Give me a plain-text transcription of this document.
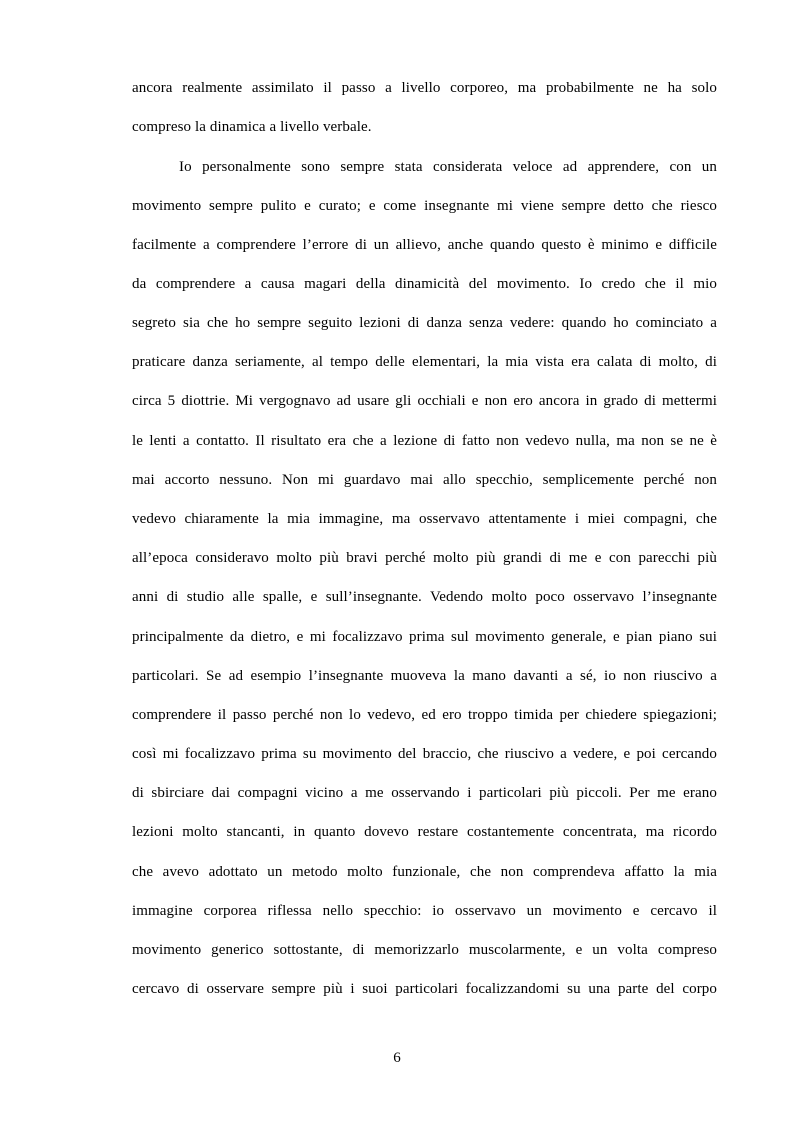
ancora realmente assimilato il passo a livello corporeo, ma probabilmente ne ha solo
compreso la dinamica a livello verbale.
Io personalmente sono sempre stata considerata veloce ad apprendere, con un
movimento sempre pulito e curato; e come insegnante mi viene sempre detto che riesco
facilmente a comprendere l’errore di un allievo, anche quando questo è minimo e difficile
da comprendere a causa magari della dinamicità del movimento. Io credo che il mio
segreto sia che ho sempre seguito lezioni di danza senza vedere: quando ho cominciato a
praticare danza seriamente, al tempo delle elementari, la mia vista era calata di molto, di
circa 5 diottrie. Mi vergognavo ad usare gli occhiali e non ero ancora in grado di mettermi
le lenti a contatto. Il risultato era che a lezione di fatto non vedevo nulla, ma non se ne è
mai accorto nessuno. Non mi guardavo mai allo specchio, semplicemente perché non
vedevo chiaramente la mia immagine, ma osservavo attentamente i miei compagni, che
all’epoca consideravo molto più bravi perché molto più grandi di me e con parecchi più
anni di studio alle spalle, e sull’insegnante. Vedendo molto poco osservavo l’insegnante
principalmente da dietro, e mi focalizzavo prima sul movimento generale, e pian piano sui
particolari. Se ad esempio l’insegnante muoveva la mano davanti a sé, io non riuscivo a
comprendere il passo perché non lo vedevo, ed ero troppo timida per chiedere spiegazioni;
così mi focalizzavo prima su movimento del braccio, che riuscivo a vedere, e poi cercando
di sbirciare dai compagni vicino a me osservando i particolari più piccoli. Per me erano
lezioni molto stancanti, in quanto dovevo restare costantemente concentrata, ma ricordo
che avevo adottato un metodo molto funzionale, che non comprendeva affatto la mia
immagine corporea riflessa nello specchio: io osservavo un movimento e cercavo il
movimento generico sottostante, di memorizzarlo muscolarmente, e un volta compreso
cercavo di osservare sempre più i suoi particolari focalizzandomi su una parte del corpo
6
